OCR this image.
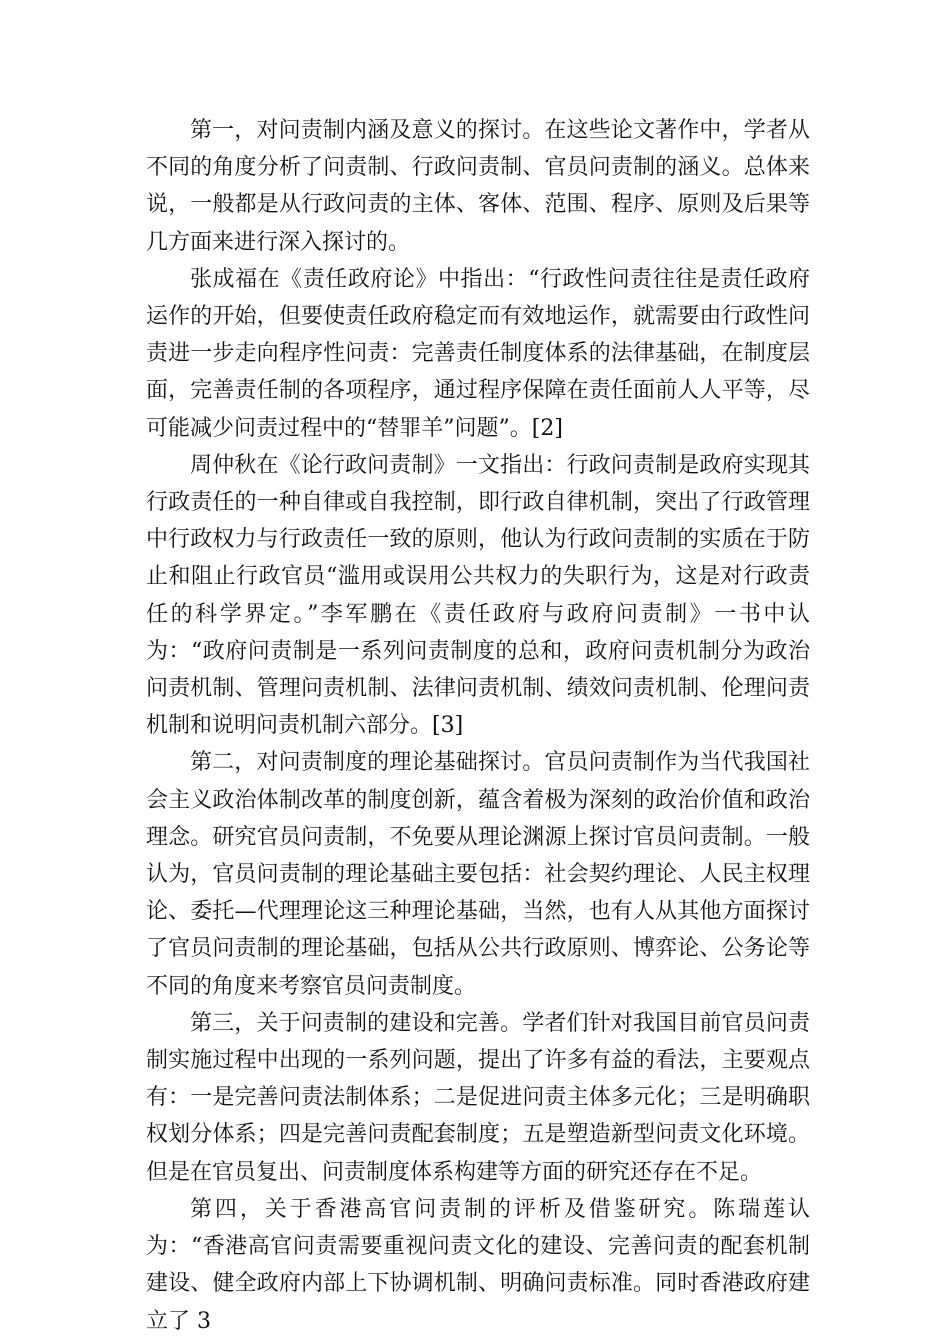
第一，对问责制内涵及意义的探讨。在这些论文著作中，学者从不同的角度分析了问责制、行政问责制、官员问责制的涵义。总体来说，一般都是从行政问责的主体、客体、范围、程序、原则及后果等几方面来进行深入探讨的。

张成福在《责任政府论》中指出：“行政性问责往往是责任政府运作的开始，但要使责任政府稳定而有效地运作，就需要由行政性问责进一步走向程序性问责：完善责任制度体系的法律基础，在制度层面，完善责任制的各项程序，通过程序保障在责任面前人人平等，尽可能减少问责过程中的“替罪羊”问题”。[2]

周仲秋在《论行政问责制》一文指出：行政问责制是政府实现其行政责任的一种自律或自我控制，即行政自律机制，突出了行政管理中行政权力与行政责任一致的原则，他认为行政问责制的实质在于防止和阻止行政官员“滥用或误用公共权力的失职行为，这是对行政责任的科学界定。”李军鹏在《责任政府与政府问责制》一书中认为：“政府问责制是一系列问责制度的总和，政府问责机制分为政治问责机制、管理问责机制、法律问责机制、绩效问责机制、伦理问责机制和说明问责机制六部分。[3]

第二，对问责制度的理论基础探讨。官员问责制作为当代我国社会主义政治体制改革的制度创新，蕴含着极为深刻的政治价值和政治理念。研究官员问责制，不免要从理论渊源上探讨官员问责制。一般认为，官员问责制的理论基础主要包括：社会契约理论、人民主权理论、委托—代理理论这三种理论基础，当然，也有人从其他方面探讨了官员问责制的理论基础，包括从公共行政原则、博弈论、公务论等不同的角度来考察官员问责制度。

第三，关于问责制的建设和完善。学者们针对我国目前官员问责制实施过程中出现的一系列问题，提出了许多有益的看法，主要观点有：一是完善问责法制体系；二是促进问责主体多元化；三是明确职权划分体系；四是完善问责配套制度；五是塑造新型问责文化环境。但是在官员复出、问责制度体系构建等方面的研究还存在不足。

第四，关于香港高官问责制的评析及借鉴研究。陈瑞莲认为：“香港高官问责需要重视问责文化的建设、完善问责的配套机制建设、健全政府内部上下协调机制、明确问责标准。同时香港政府建立了 3
